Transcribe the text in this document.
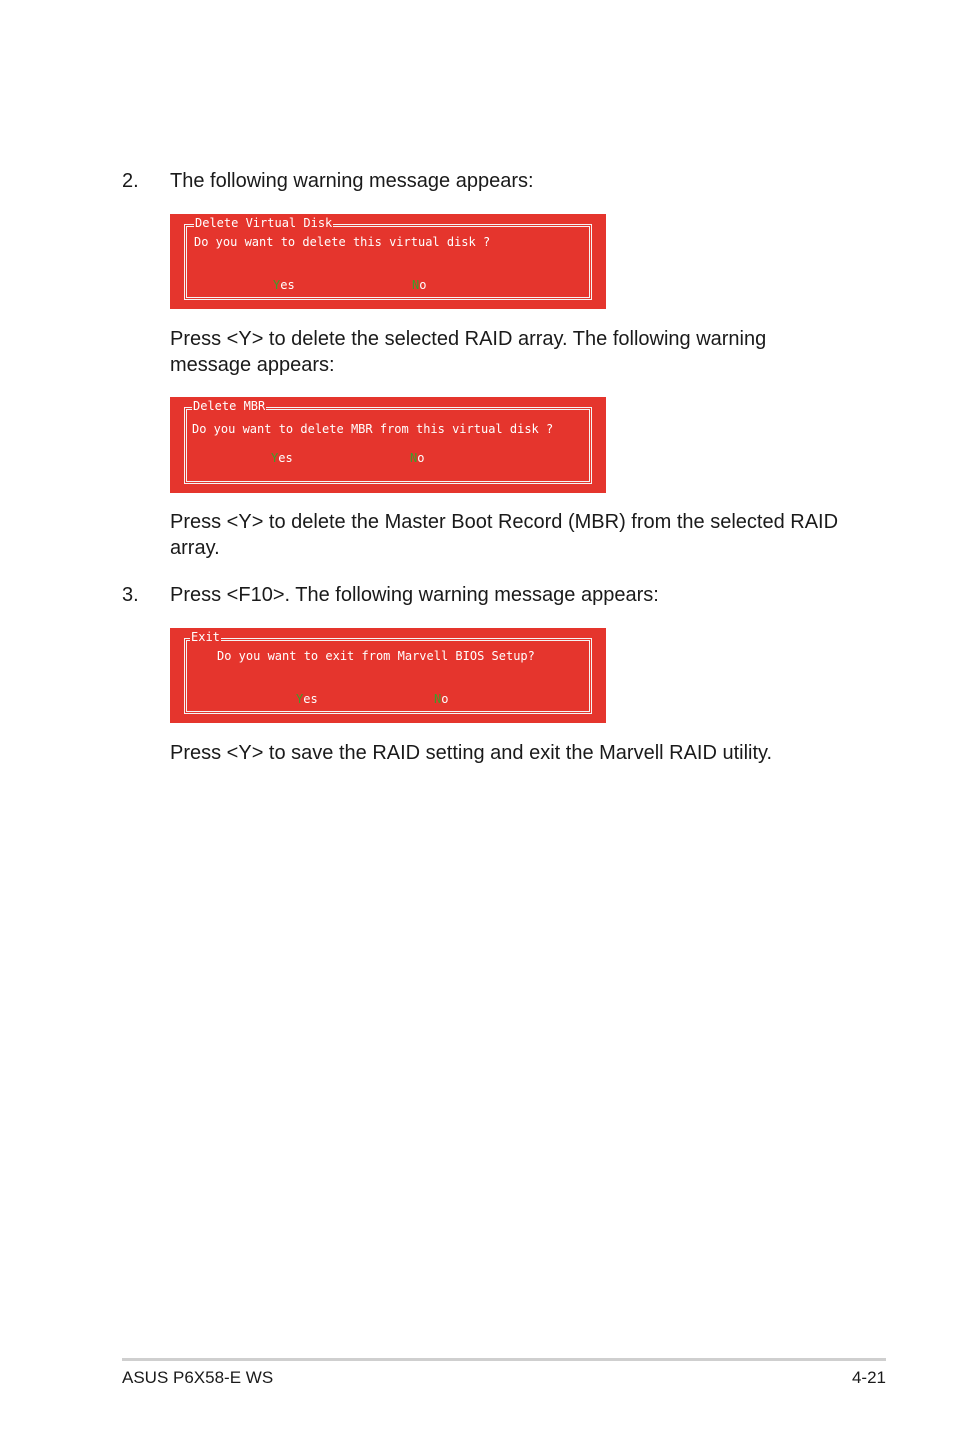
2. The following warning message appears:
Delete Virtual Disk
Do you want to delete this virtual disk ?
Yes	No
Press <Y> to delete the selected RAID array. The following warning message appears:
Delete MBR
Do you want to delete MBR from this virtual disk ?
Yes	No
Press <Y> to delete the Master Boot Record (MBR) from the selected RAID array.
3. Press <F10>. The following warning message appears:
Exit
Do you want to exit from Marvell BIOS Setup?
Yes	No
Press <Y> to save the RAID setting and exit the Marvell RAID utility.
ASUS P6X58-E WS	4-21
